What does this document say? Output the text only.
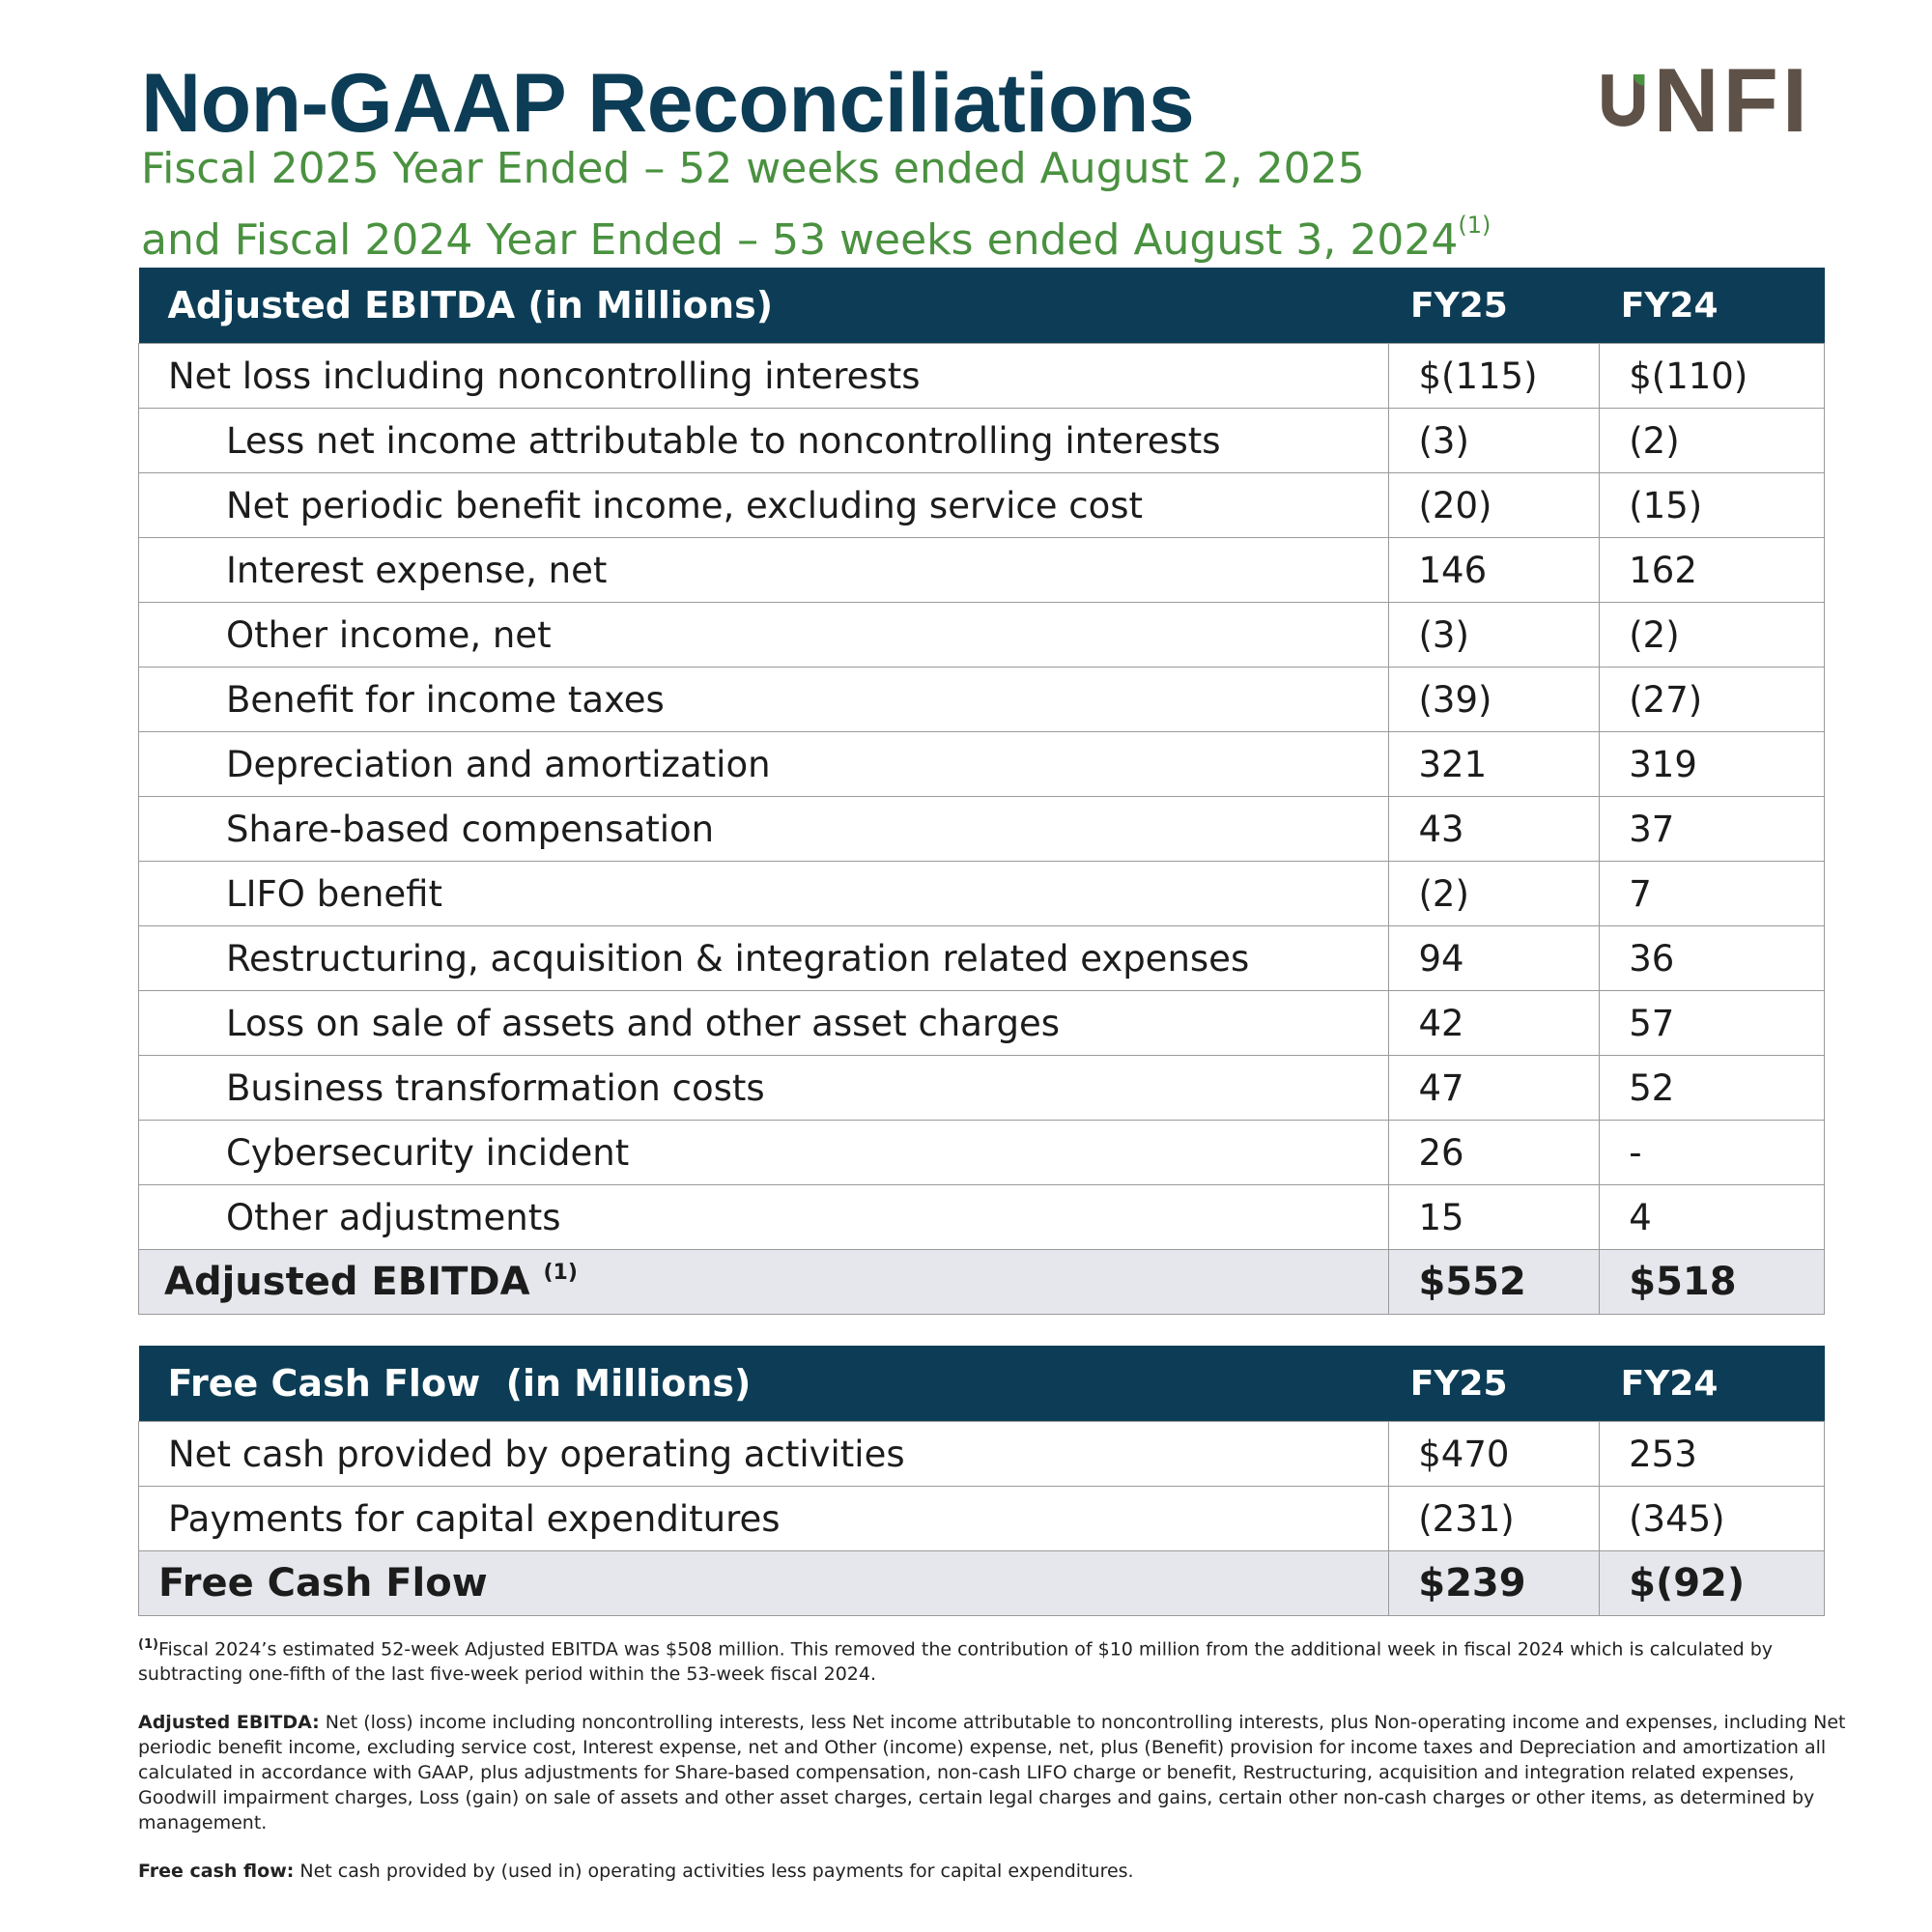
Non-GAAP Reconciliations
Fiscal 2025 Year Ended – 52 weeks ended August 2, 2025
and Fiscal 2024 Year Ended – 53 weeks ended August 3, 2024$^{(1)}$
NFI
Adjusted EBITDA (in Millions)	FY25	FY24
Net loss including noncontrolling interests	$(115)	$(110)
Less net income attributable to noncontrolling interests	(3)	(2)
Net periodic benefit income, excluding service cost	(20)	(15)
Interest expense, net	146	162
Other income, net	(3)	(2)
Benefit for income taxes	(39)	(27)
Depreciation and amortization	321	319
Share-based compensation	43	37
LIFO benefit	(2)	7
Restructuring, acquisition & integration related expenses	94	36
Loss on sale of assets and other asset charges	42	57
Business transformation costs	47	52
Cybersecurity incident	26	-
Other adjustments	15	4
Adjusted EBITDA $^{(1)}$	$552	$518
Free Cash Flow  (in Millions)	FY25	FY24
Net cash provided by operating activities	$470	253
Payments for capital expenditures	(231)	(345)
Free Cash Flow	$239	$(92)

$^{(1)}$Fiscal 2024’s estimated 52-week Adjusted EBITDA was $508 million. This removed the contribution of $10 million from the additional week in fiscal 2024 which is calculated by subtracting one-fifth of the last five-week period within the 53-week fiscal 2024.

Adjusted EBITDA: Net (loss) income including noncontrolling interests, less Net income attributable to noncontrolling interests, plus Non-operating income and expenses, including Net periodic benefit income, excluding service cost, Interest expense, net and Other (income) expense, net, plus (Benefit) provision for income taxes and Depreciation and amortization all calculated in accordance with GAAP, plus adjustments for Share-based compensation, non-cash LIFO charge or benefit, Restructuring, acquisition and integration related expenses, Goodwill impairment charges, Loss (gain) on sale of assets and other asset charges, certain legal charges and gains, certain other non-cash charges or other items, as determined by management.

Free cash flow: Net cash provided by (used in) operating activities less payments for capital expenditures.
